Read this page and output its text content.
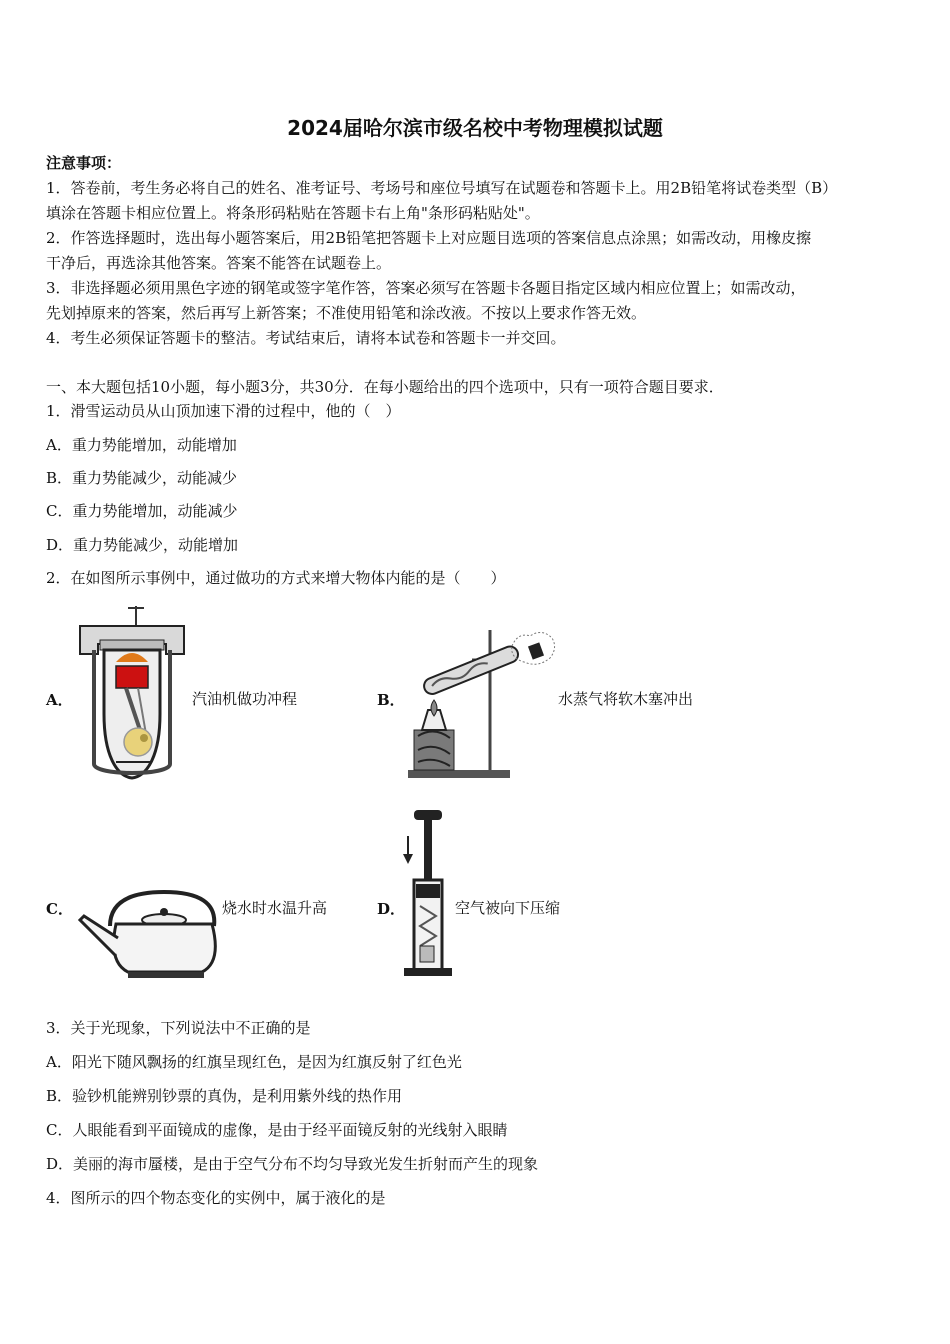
2024届哈尔滨市级名校中考物理模拟试题
注意事项：
1．答卷前，考生务必将自己的姓名、准考证号、考场号和座位号填写在试题卷和答题卡上。用2B铅笔将试卷类型（B）
填涂在答题卡相应位置上。将条形码粘贴在答题卡右上角"条形码粘贴处"。
2．作答选择题时，选出每小题答案后，用2B铅笔把答题卡上对应题目选项的答案信息点涂黑；如需改动，用橡皮擦
干净后，再选涂其他答案。答案不能答在试题卷上。
3．非选择题必须用黑色字迹的钢笔或签字笔作答，答案必须写在答题卡各题目指定区域内相应位置上；如需改动，
先划掉原来的答案，然后再写上新答案；不准使用铅笔和涂改液。不按以上要求作答无效。
4．考生必须保证答题卡的整洁。考试结束后，请将本试卷和答题卡一并交回。
一、本大题包括10小题，每小题3分，共30分．在每小题给出的四个选项中，只有一项符合题目要求．
1．滑雪运动员从山顶加速下滑的过程中，他的（　）
A．重力势能增加，动能增加
B．重力势能减少，动能减少
C．重力势能增加，动能减少
D．重力势能减少，动能增加
2．在如图所示事例中，通过做功的方式来增大物体内能的是（　　）
A．	汽油机做功冲程	B．	水蒸气将软木塞冲出
C．	烧水时水温升高	D．	空气被向下压缩
3．关于光现象，下列说法中不正确的是
A．阳光下随风飘扬的红旗呈现红色，是因为红旗反射了红色光
B．验钞机能辨别钞票的真伪，是利用紫外线的热作用
C．人眼能看到平面镜成的虚像，是由于经平面镜反射的光线射入眼睛
D．美丽的海市蜃楼，是由于空气分布不均匀导致光发生折射而产生的现象
4．图所示的四个物态变化的实例中，属于液化的是
